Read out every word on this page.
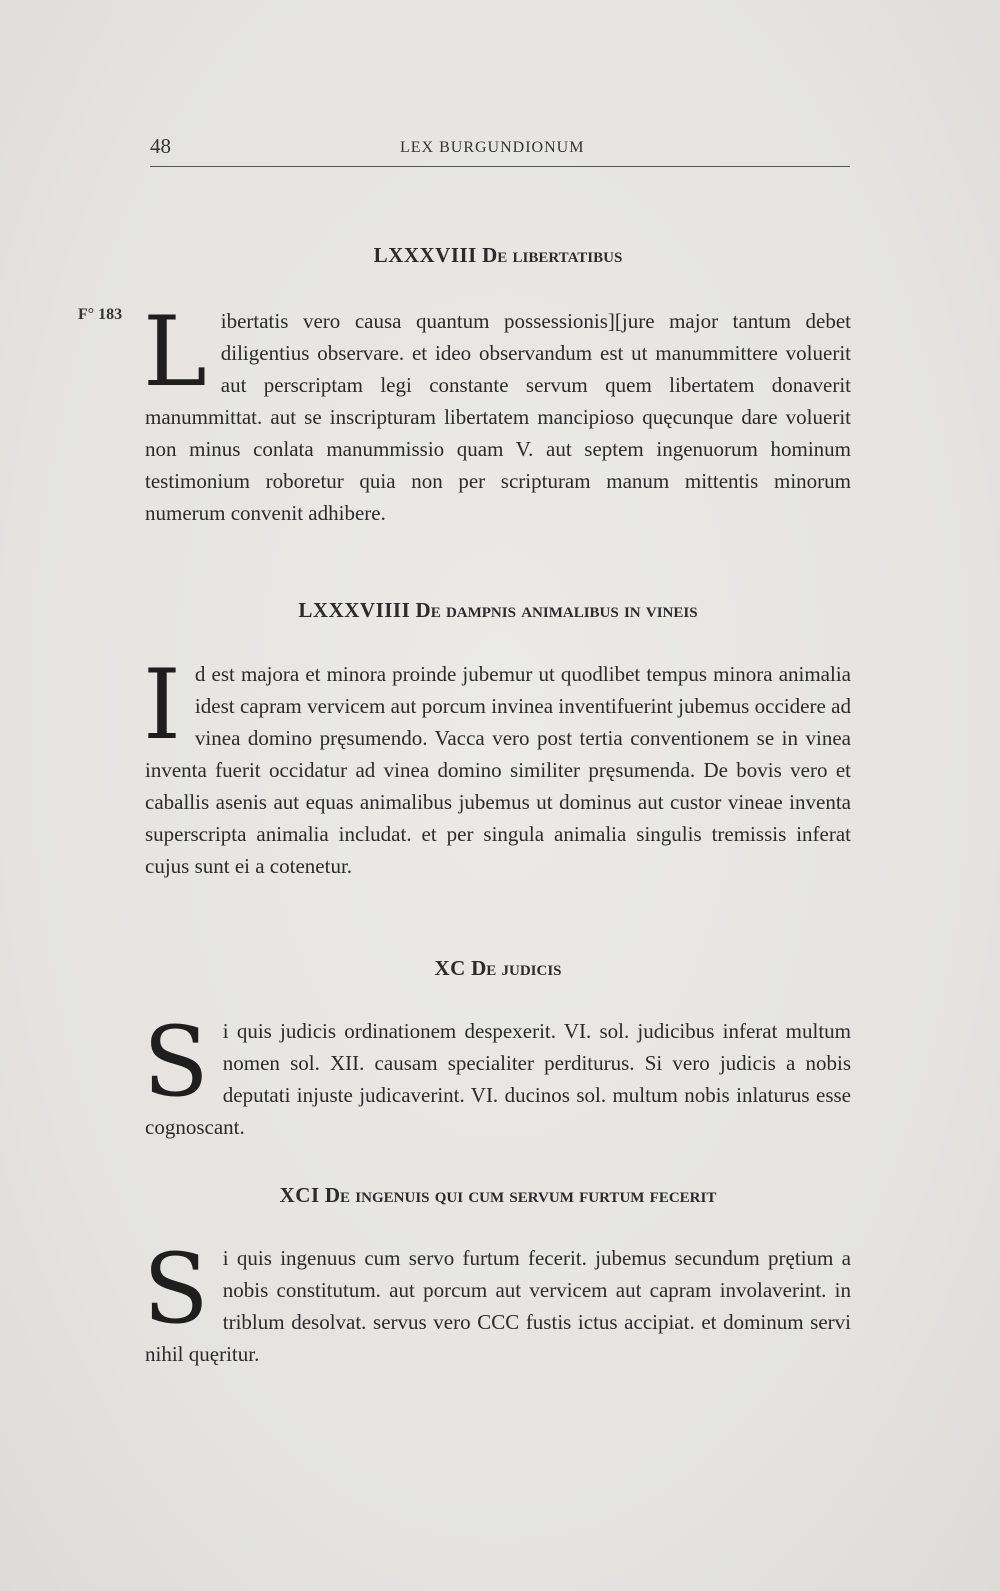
48	LEX BURGUNDIONUM
F° 183
LXXXVIII De libertatibus

Libertatis vero causa quantum possessionis][jure major tantum debet diligentius observare. et ideo observandum est ut manummittere voluerit aut perscriptam legi constante servum quem libertatem donaverit manummittat. aut se inscripturam libertatem mancipioso quęcunque dare voluerit non minus conlata manummissio quam V. aut septem ingenuorum hominum testimonium roboretur quia non per scripturam manum mittentis minorum numerum convenit adhibere.

LXXXVIIII De dampnis animalibus in vineis

Id est majora et minora proinde jubemur ut quodlibet tempus minora animalia idest capram vervicem aut porcum invinea inventifuerint jubemus occidere ad vinea domino pręsumendo. Vacca vero post tertia conventionem se in vinea inventa fuerit occidatur ad vinea domino similiter pręsumenda. De bovis vero et caballis asenis aut equas animalibus jubemus ut dominus aut custor vineae inventa superscripta animalia includat. et per singula animalia singulis tremissis inferat cujus sunt ei a cotenetur.

XC De judicis

Si quis judicis ordinationem despexerit. VI. sol. judicibus inferat multum nomen sol. XII. causam specialiter perditurus. Si vero judicis a nobis deputati injuste judicaverint. VI. ducinos sol. multum nobis inlaturus esse cognoscant.

XCI De ingenuis qui cum servum furtum fecerit

Si quis ingenuus cum servo furtum fecerit. jubemus secundum prętium a nobis constitutum. aut porcum aut vervicem aut capram involaverint. in triblum desolvat. servus vero CCC fustis ictus accipiat. et dominum servi nihil quęritur.
